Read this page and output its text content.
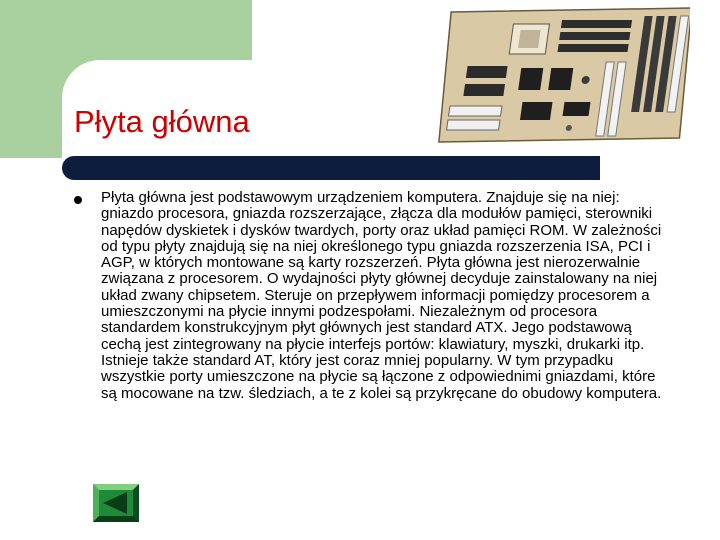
Płyta główna

Płyta główna jest podstawowym urządzeniem komputera. Znajduje się na niej: gniazdo procesora, gniazda rozszerzające, złącza dla modułów pamięci, sterowniki napędów dyskietek i dysków twardych, porty oraz układ pamięci ROM. W zależności od typu płyty znajdują się na niej określonego typu gniazda rozszerzenia ISA, PCI i AGP, w których montowane są karty rozszerzeń. Płyta główna jest nierozerwalnie związana z procesorem. O wydajności płyty głównej decyduje zainstalowany na niej układ zwany chipsetem. Steruje on przepływem informacji pomiędzy procesorem a umieszczonymi na płycie innymi podzespołami. Niezależnym od procesora standardem konstrukcyjnym płyt głównych jest standard ATX. Jego podstawową cechą jest zintegrowany na płycie interfejs portów: klawiatury, myszki, drukarki itp. Istnieje także standard AT, który jest coraz mniej popularny. W tym przypadku wszystkie porty umieszczone na płycie są łączone z odpowiednimi gniazdami, które są mocowane na tzw. śledziach, a te z kolei są przykręcane do obudowy komputera.
